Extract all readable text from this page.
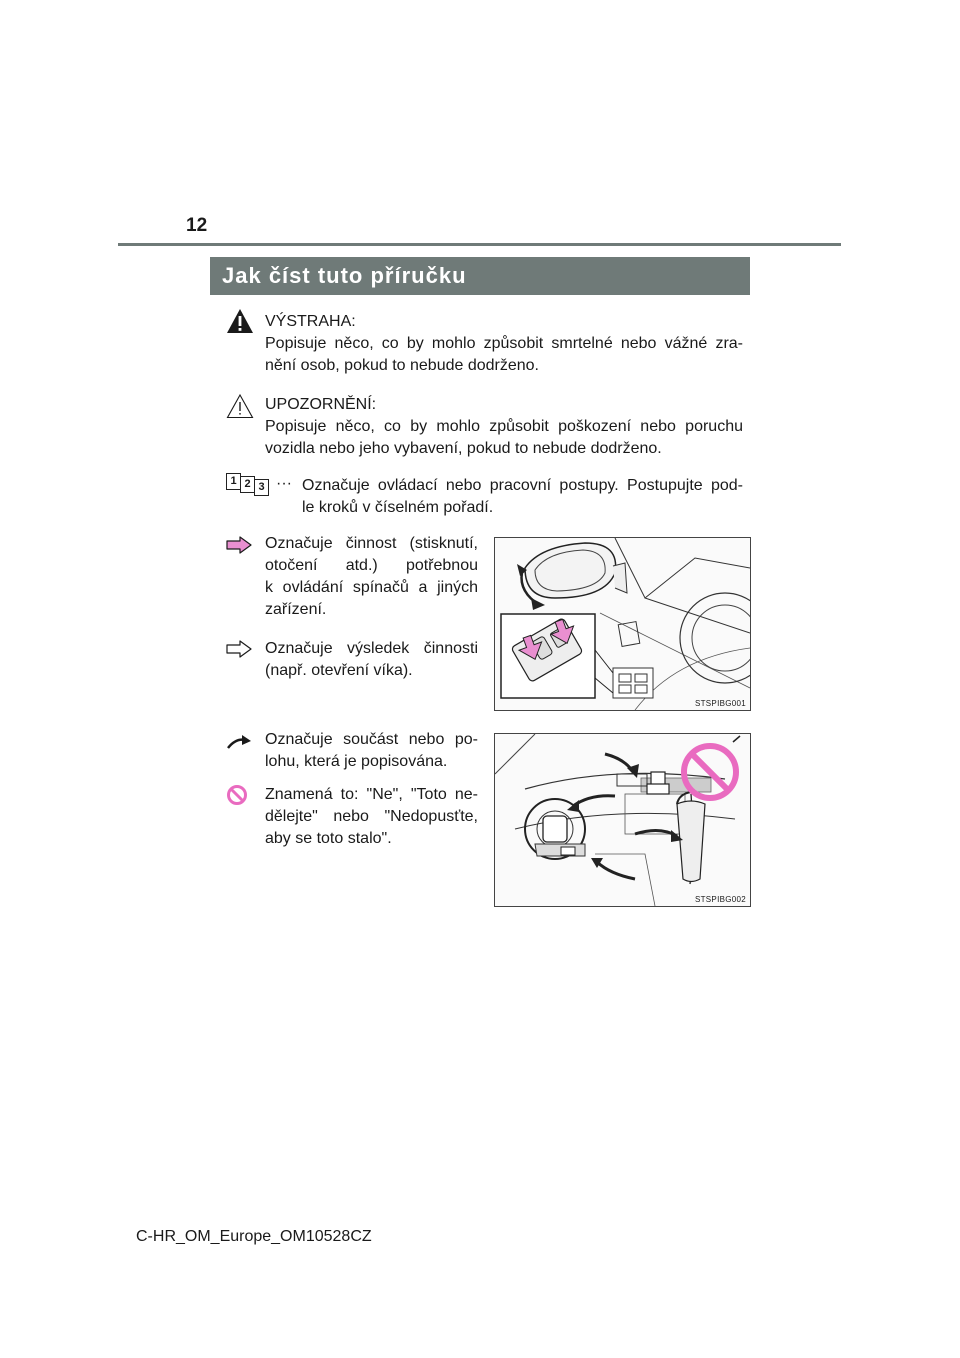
12
Jak číst tuto příručku
VÝSTRAHA:
Popisuje něco, co by mohlo způsobit smrtelné nebo vážné zra-
nění osob, pokud to nebude dodrženo.
UPOZORNĚNÍ:
Popisuje něco, co by mohlo způsobit poškození nebo poruchu
vozidla nebo jeho vybavení, pokud to nebude dodrženo.
1 2 3 ··· Označuje ovládací nebo pracovní postupy. Postupujte pod-
le kroků v číselném pořadí.
Označuje činnost (stisknutí,
otočení atd.) potřebnou
k ovládání spínačů a jiných
zařízení.
Označuje výsledek činnosti
(např. otevření víka).
STSPIBG001
Označuje součást nebo po-
lohu, která je popisována.
Znamená to: "Ne", "Toto ne-
dělejte" nebo "Nedopusťte,
aby se toto stalo".
STSPIBG002
C-HR_OM_Europe_OM10528CZ
